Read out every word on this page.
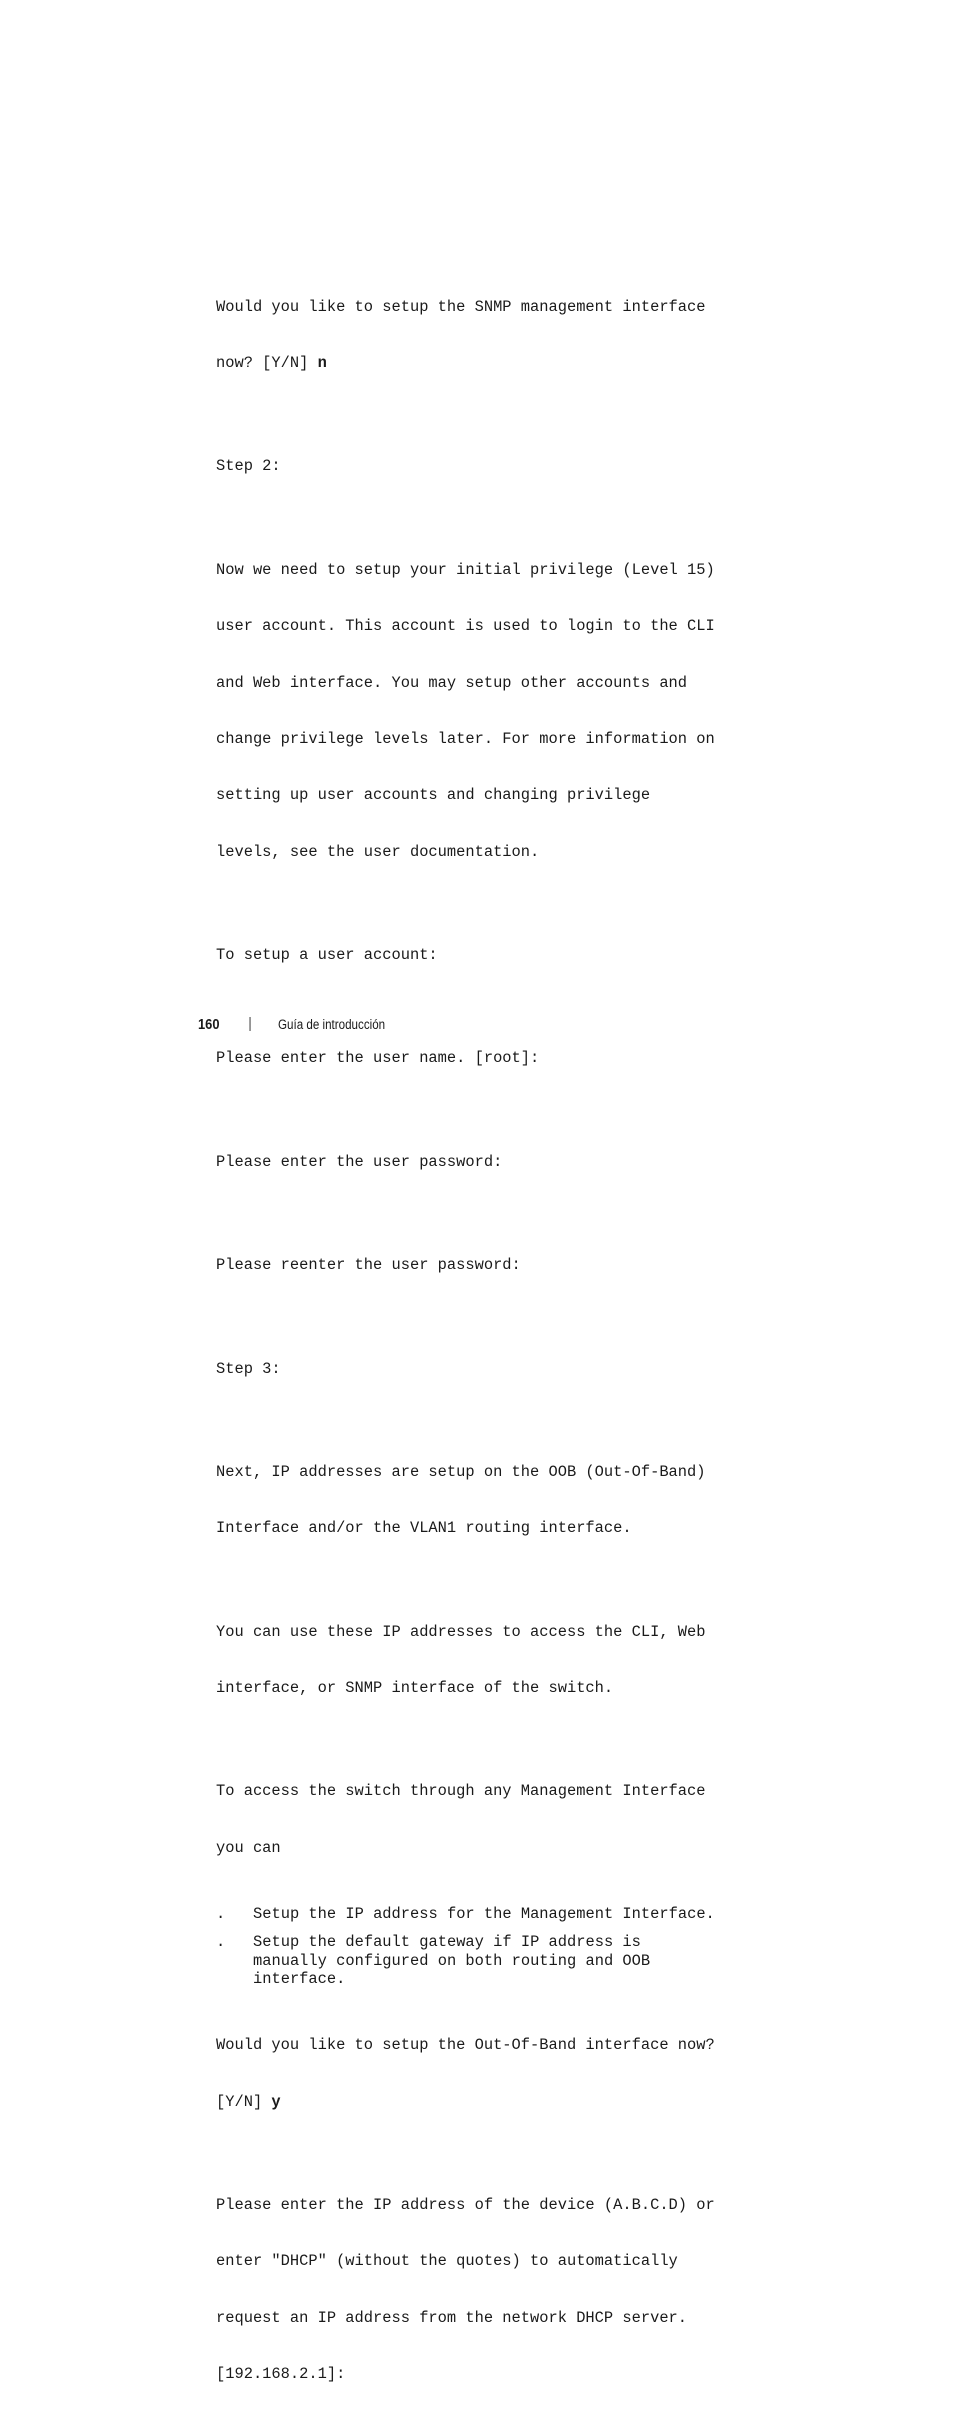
Would you like to setup the SNMP management interface

now? [Y/N] n

Step 2:

Now we need to setup your initial privilege (Level 15)

user account. This account is used to login to the CLI

and Web interface. You may setup other accounts and

change privilege levels later. For more information on

setting up user accounts and changing privilege

levels, see the user documentation.

To setup a user account:

Please enter the user name. [root]:

Please enter the user password:

Please reenter the user password:

Step 3:

Next, IP addresses are setup on the OOB (Out-Of-Band)

Interface and/or the VLAN1 routing interface.

You can use these IP addresses to access the CLI, Web

interface, or SNMP interface of the switch.

To access the switch through any Management Interface

you can

.	Setup the IP address for the Management Interface.
.	Setup the default gateway if IP address is
manually configured on both routing and OOB
interface.

Would you like to setup the Out-Of-Band interface now?

[Y/N] y

Please enter the IP address of the device (A.B.C.D) or

enter "DHCP" (without the quotes) to automatically

request an IP address from the network DHCP server.

[192.168.2.1]:

160	Guía de introducción
